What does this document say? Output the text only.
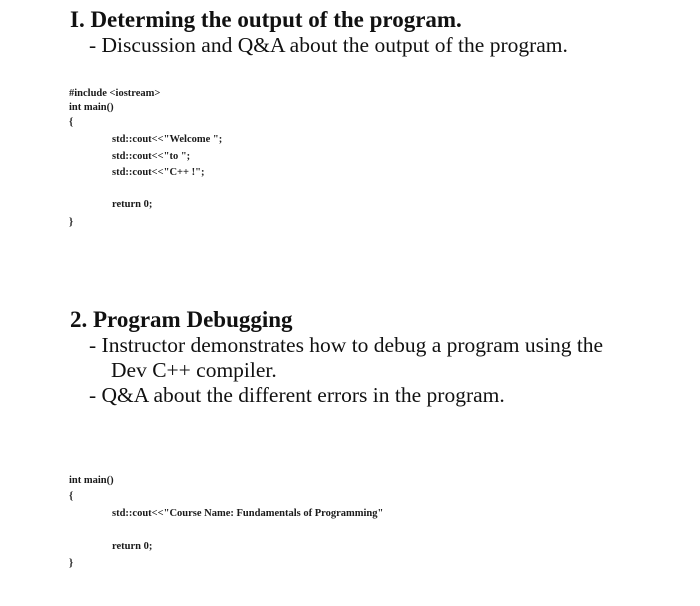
I. Determing the output of the program.
- Discussion and Q&A about the output of the program.
#include <iostream>
int main()
{
std::cout<<"Welcome ";
std::cout<<"to ";
std::cout<<"C++ !";
return 0;
}
2. Program Debugging
- Instructor demonstrates how to debug a program using the
Dev C++ compiler.
- Q&A about the different errors in the program.
int main()
{
std::cout<<"Course Name: Fundamentals of Programming"
return 0;
}
